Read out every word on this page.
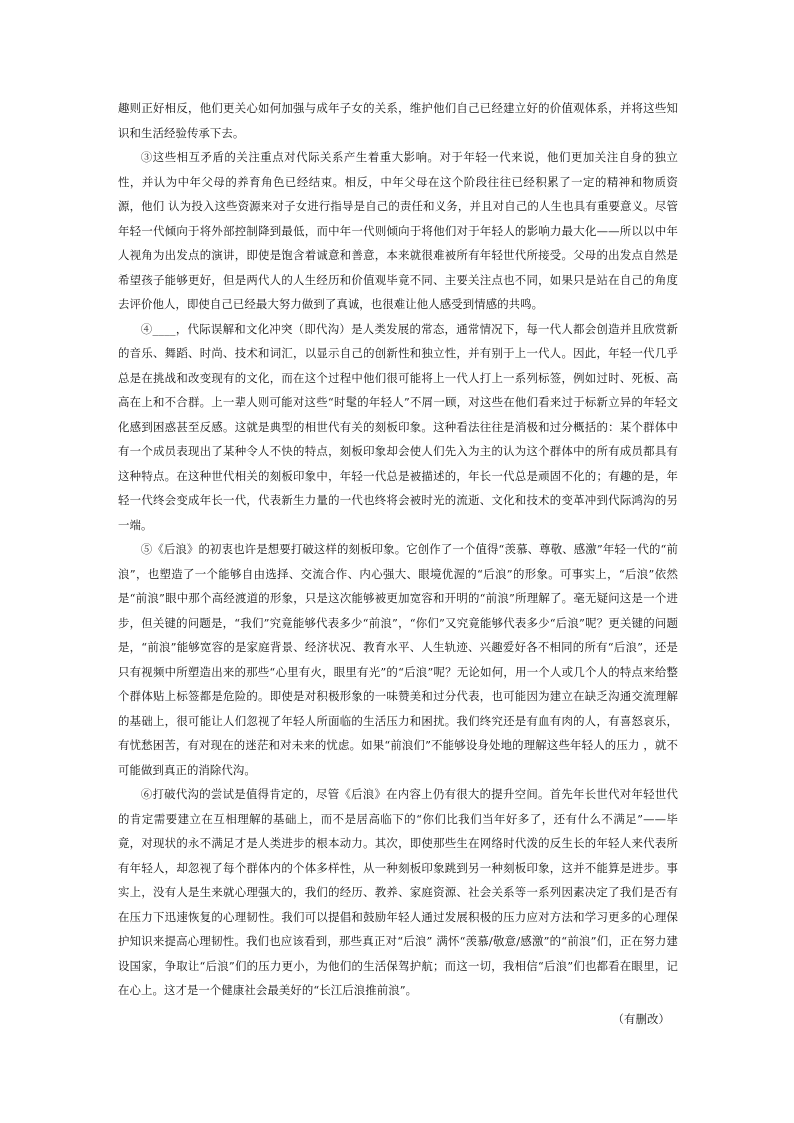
趣则正好相反，他们更关心如何加强与成年子女的关系，维护他们自己已经建立好的价值观体系，并将这些知识和生活经验传承下去。

③这些相互矛盾的关注重点对代际关系产生着重大影响。对于年轻一代来说，他们更加关注自身的独立性，并认为中年父母的养育角色已经结束。相反，中年父母在这个阶段往往已经积累了一定的精神和物质资源，他们 认为投入这些资源来对子女进行指导是自己的责任和义务，并且对自己的人生也具有重要意义。尽管年轻一代倾向于将外部控制降到最低，而中年一代则倾向于将他们对于年轻人的影响力最大化——所以以中年人视角为出发点的演讲，即使是饱含着诚意和善意，本来就很难被所有年轻世代所接受。父母的出发点自然是希望孩子能够更好，但是两代人的人生经历和价值观毕竟不同、主要关注点也不同，如果只是站在自己的角度去评价他人，即使自己已经最大努力做到了真诚，也很难让他人感受到情感的共鸣。

④____，代际误解和文化冲突（即代沟）是人类发展的常态，通常情况下，每一代人都会创造并且欣赏新的音乐、舞蹈、时尚、技术和词汇，以显示自己的创新性和独立性，并有别于上一代人。因此，年轻一代几乎总是在挑战和改变现有的文化，而在这个过程中他们很可能将上一代人打上一系列标签，例如过时、死板、高高在上和不合群。上一辈人则可能对这些“时髦的年轻人”不屑一顾，对这些在他们看来过于标新立异的年轻文化感到困惑甚至反感。这就是典型的相世代有关的刻板印象。这种看法往往是消极和过分概括的：某个群体中有一个成员表现出了某种令人不快的特点，刻板印象却会使人们先入为主的认为这个群体中的所有成员都具有这种特点。在这种世代相关的刻板印象中，年轻一代总是被描述的，年长一代总是顽固不化的；有趣的是，年轻一代终会变成年长一代，代表新生力量的一代也终将会被时光的流逝、文化和技术的变革冲到代际鸿沟的另一端。

⑤《后浪》的初衷也许是想要打破这样的刻板印象。它创作了一个值得“羡慕、尊敬、感激”年轻一代的“前浪”，也塑造了一个能够自由选择、交流合作、内心强大、眼境优渥的“后浪”的形象。可事实上，“后浪”依然是“前浪”眼中那个高经渡道的形象，只是这次能够被更加宽容和开明的“前浪”所理解了。毫无疑问这是一个进步，但关键的问题是，“我们”究竟能够代表多少“前浪”，“你们”又究竟能够代表多少“后浪”呢？更关键的问题是，“前浪”能够宽容的是家庭背景、经济状况、教育水平、人生轨迹、兴趣爱好各不相同的所有“后浪”，还是只有视频中所塑造出来的那些“心里有火，眼里有光”的“后浪”呢？无论如何，用一个人或几个人的特点来给整个群体贴上标签都是危险的。即使是对积极形象的一味赞美和过分代表，也可能因为建立在缺乏沟通交流理解的基础上，很可能让人们忽视了年轻人所面临的生活压力和困扰。我们终究还是有血有肉的人，有喜怒哀乐，有忧愁困苦，有对现在的迷茫和对未来的忧虑。如果“前浪们”不能够设身处地的理解这些年轻人的压力 ，就不可能做到真正的消除代沟。

⑥打破代沟的尝试是值得肯定的，尽管《后浪》在内容上仍有很大的提升空间。首先年长世代对年轻世代的肯定需要建立在互相理解的基础上，而不是居高临下的“你们比我们当年好多了，还有什么不满足”——毕竟，对现状的永不满足才是人类进步的根本动力。其次，即使那些生在网络时代泼的反生长的年轻人来代表所有年轻人，却忽视了每个群体内的个体多样性，从一种刻板印象跳到另一种刻板印象，这并不能算是进步。事实上，没有人是生来就心理强大的，我们的经历、教养、家庭资源、社会关系等一系列因素决定了我们是否有在压力下迅速恢复的心理韧性。我们可以提倡和鼓励年轻人通过发展积极的压力应对方法和学习更多的心理保护知识来提高心理韧性。我们也应该看到，那些真正对“后浪” 满怀“羡慕/敬意/感激”的“前浪”们，正在努力建设国家，争取让“后浪”们的压力更小，为他们的生活保驾护航；而这一切，我相信“后浪”们也都看在眼里，记在心上。这才是一个健康社会最美好的“长江后浪推前浪”。

（有删改）
